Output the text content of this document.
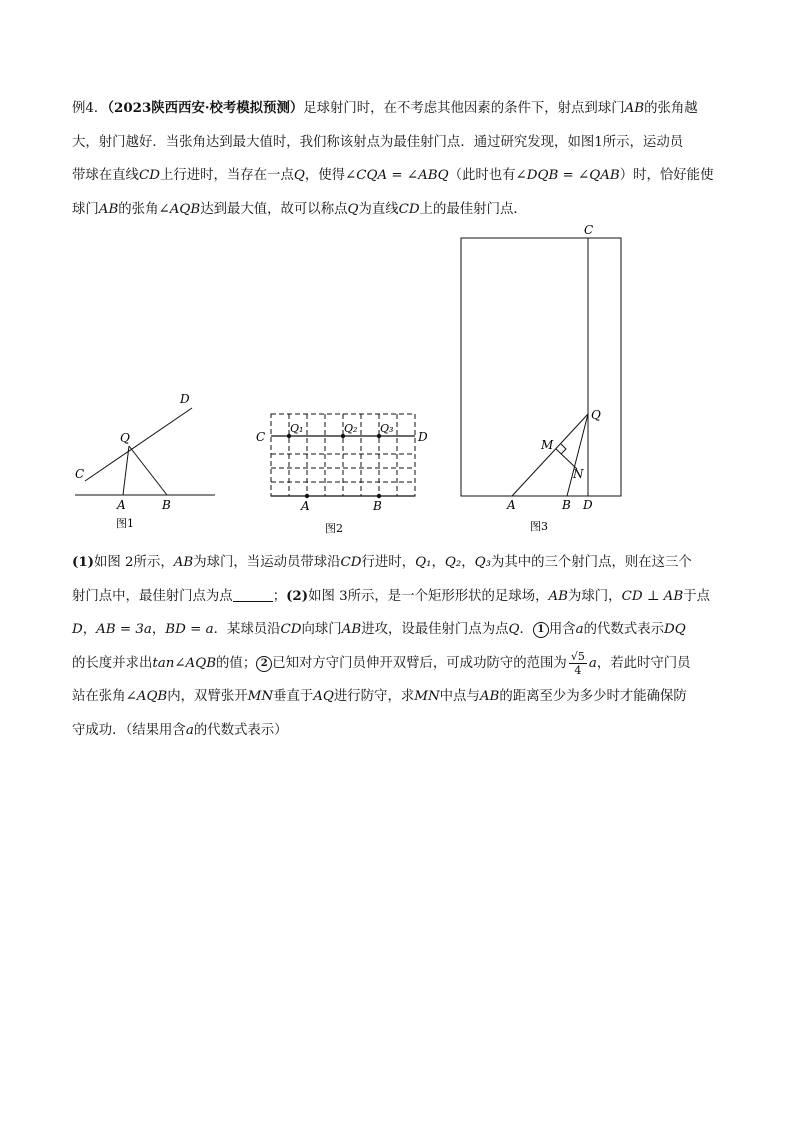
例4．（2023陕西西安·校考模拟预测）足球射门时，在不考虑其他因素的条件下，射点到球门AB的张角越
大，射门越好．当张角达到最大值时，我们称该射点为最佳射门点．通过研究发现，如图1所示，运动员
带球在直线CD上行进时，当存在一点Q，使得∠CQA = ∠ABQ（此时也有∠DQB = ∠QAB）时，恰好能使
球门AB的张角∠AQB达到最大值，故可以称点Q为直线CD上的最佳射门点．
D
Q
C
A	B
图1
C	D
Q₁	Q₂ Q₃
A	B
图2
C
Q
M
N
A	B D
图3
(1)如图 2所示，AB为球门，当运动员带球沿CD行进时，Q₁，Q₂，Q₃为其中的三个射门点，则在这三个
射门点中，最佳射门点为点	；(2)如图 3所示，是一个矩形形状的足球场，AB为球门，CD ⊥ AB于点
D，AB = 3a，BD = a．某球员沿CD向球门AB进攻，设最佳射门点为点Q． 1 用含a的代数式表示DQ
的长度并求出tan∠AQB的值； 2 已知对方守门员伸开双臂后，可成功防守的范围为 $\frac{√5}{4}$ a，若此时守门员
站在张角∠AQB内，双臂张开MN垂直于AQ进行防守，求MN中点与AB的距离至少为多少时才能确保防
守成功．（结果用含a的代数式表示）
